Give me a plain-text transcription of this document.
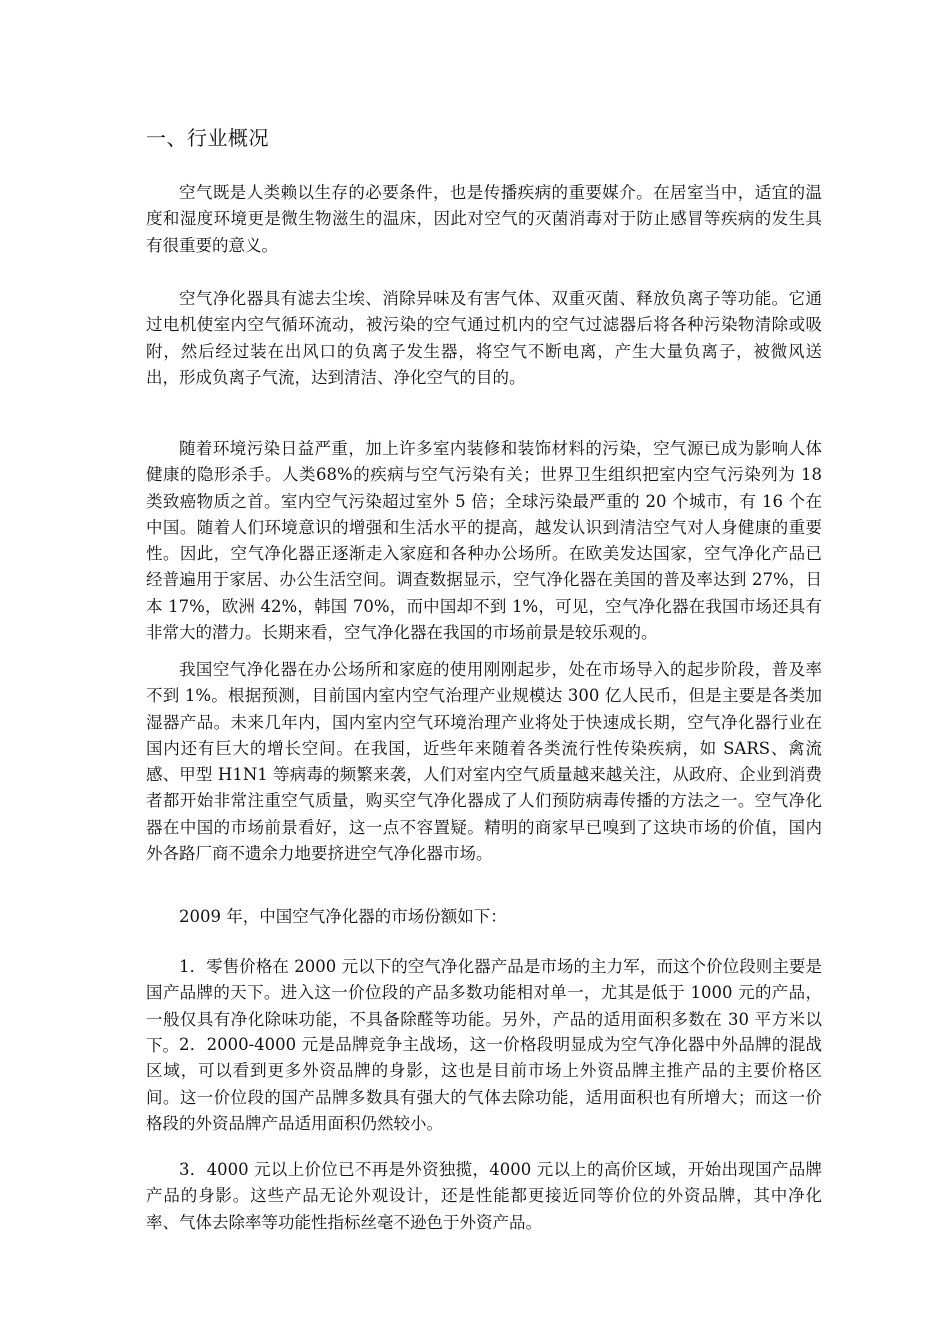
一、行业概况

空气既是人类赖以生存的必要条件，也是传播疾病的重要媒介。在居室当中，适宜的温度和湿度环境更是微生物滋生的温床，因此对空气的灭菌消毒对于防止感冒等疾病的发生具有很重要的意义。

空气净化器具有滤去尘埃、消除异味及有害气体、双重灭菌、释放负离子等功能。它通过电机使室内空气循环流动，被污染的空气通过机内的空气过滤器后将各种污染物清除或吸附，然后经过装在出风口的负离子发生器，将空气不断电离，产生大量负离子，被微风送出，形成负离子气流，达到清洁、净化空气的目的。

随着环境污染日益严重，加上许多室内装修和装饰材料的污染，空气源已成为影响人体健康的隐形杀手。人类68%的疾病与空气污染有关；世界卫生组织把室内空气污染列为 18 类致癌物质之首。室内空气污染超过室外 5 倍；全球污染最严重的 20 个城市，有 16 个在中国。随着人们环境意识的增强和生活水平的提高，越发认识到清洁空气对人身健康的重要性。因此，空气净化器正逐渐走入家庭和各种办公场所。在欧美发达国家，空气净化产品已经普遍用于家居、办公生活空间。调查数据显示，空气净化器在美国的普及率达到 27%，日本 17%，欧洲 42%，韩国 70%，而中国却不到 1%，可见，空气净化器在我国市场还具有非常大的潜力。长期来看，空气净化器在我国的市场前景是较乐观的。

我国空气净化器在办公场所和家庭的使用刚刚起步，处在市场导入的起步阶段，普及率不到 1%。根据预测，目前国内室内空气治理产业规模达 300 亿人民币，但是主要是各类加湿器产品。未来几年内，国内室内空气环境治理产业将处于快速成长期，空气净化器行业在国内还有巨大的增长空间。在我国，近些年来随着各类流行性传染疾病，如 SARS、禽流感、甲型 H1N1 等病毒的频繁来袭，人们对室内空气质量越来越关注，从政府、企业到消费者都开始非常注重空气质量，购买空气净化器成了人们预防病毒传播的方法之一。空气净化器在中国的市场前景看好，这一点不容置疑。精明的商家早已嗅到了这块市场的价值，国内外各路厂商不遗余力地要挤进空气净化器市场。

2009 年，中国空气净化器的市场份额如下：

1．零售价格在 2000 元以下的空气净化器产品是市场的主力军，而这个价位段则主要是国产品牌的天下。进入这一价位段的产品多数功能相对单一，尤其是低于 1000 元的产品，一般仅具有净化除味功能，不具备除醛等功能。另外，产品的适用面积多数在 30 平方米以下。 2．2000-4000 元是品牌竞争主战场，这一价格段明显成为空气净化器中外品牌的混战区域，可以看到更多外资品牌的身影，这也是目前市场上外资品牌主推产品的主要价格区间。这一价位段的国产品牌多数具有强大的气体去除功能，适用面积也有所增大；而这一价格段的外资品牌产品适用面积仍然较小。

3．4000 元以上价位已不再是外资独揽，4000 元以上的高价区域，开始出现国产品牌产品的身影。这些产品无论外观设计，还是性能都更接近同等价位的外资品牌，其中净化率、气体去除率等功能性指标丝毫不逊色于外资产品。
